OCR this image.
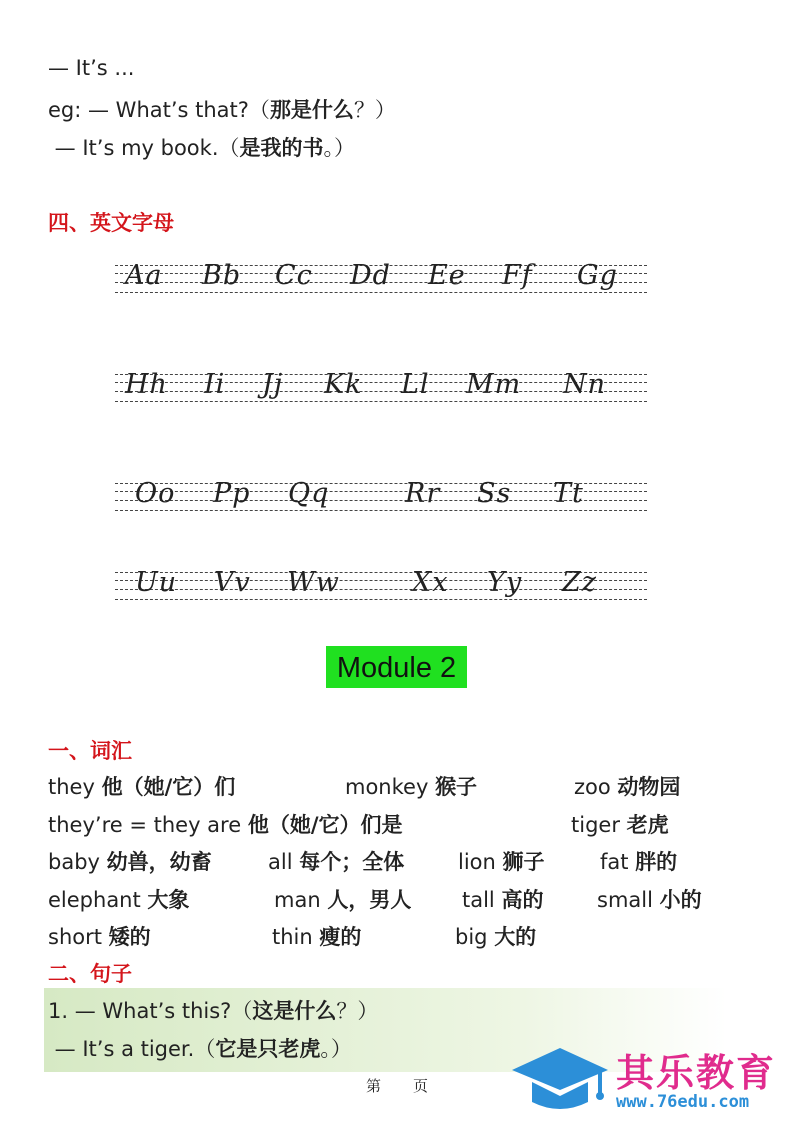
— It’s ...
eg: — What’s that?（那是什么？）
— It’s my book.（是我的书。）
四、英文字母
Aa Bb Cc Dd Ee Ff Gg
Hh Ii Jj Kk Ll Mm Nn
Oo Pp Qq	Rr Ss Tt
Uu Vv Ww	Xx Yy Zz
Module 2
一、词汇
they 他（她/它）们	monkey 猴子	zoo 动物园
they’re = they are 他（她/它）们是	tiger 老虎
baby 幼兽，幼畜	all 每个；全体	lion 狮子	fat 胖的
elephant 大象	man 人，男人 tall 高的	small 小的
short 矮的	thin 瘦的	big 大的
二、句子
1. — What’s this?（这是什么？）
— It’s a tiger.（它是只老虎。）
第 页	其乐教育
www.76edu.com
